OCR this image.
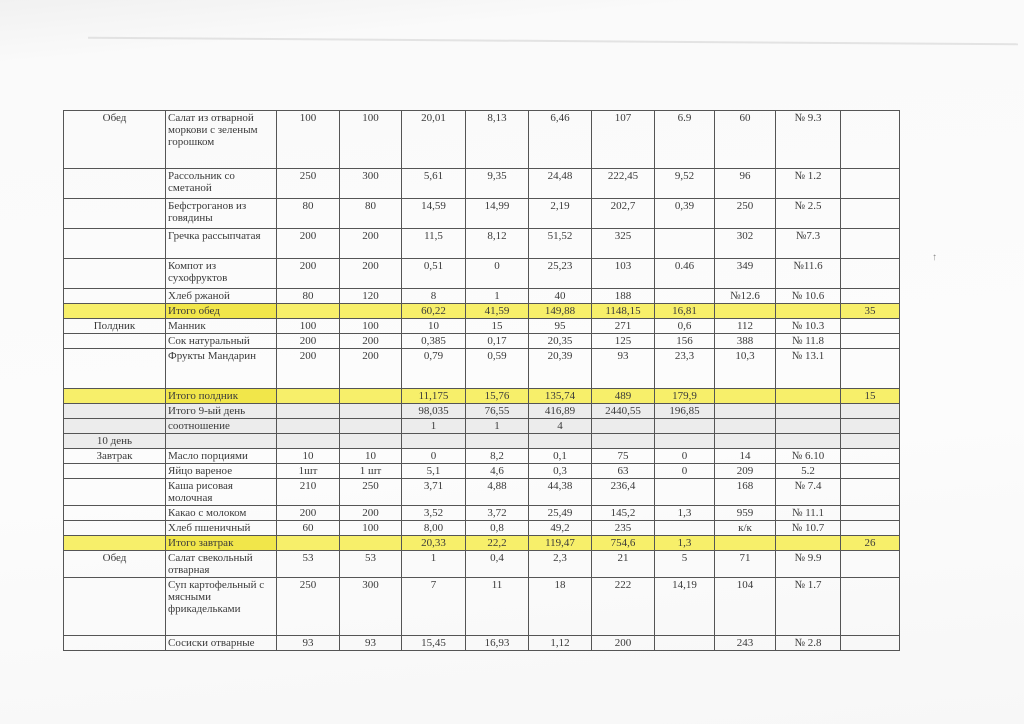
↑
Обед	Салат из отварной моркови с зеленым горошком	100	100	20,01	8,13	6,46	107	6.9	60	№ 9.3	
	Рассольник со сметаной	250	300	5,61	9,35	24,48	222,45	9,52	96	№ 1.2	
	Бефстроганов из говядины	80	80	14,59	14,99	2,19	202,7	0,39	250	№ 2.5	
	Гречка рассыпчатая	200	200	11,5	8,12	51,52	325		302	№7.3	
	Компот из сухофруктов	200	200	0,51	0	25,23	103	0.46	349	№11.6	
	Хлеб ржаной	80	120	8	1	40	188		№12.6	№ 10.6	
	Итого обед			60,22	41,59	149,88	1148,15	16,81			35
Полдник	Манник	100	100	10	15	95	271	0,6	112	№ 10.3	
	Сок натуральный	200	200	0,385	0,17	20,35	125	156	388	№ 11.8	
	Фрукты Мандарин	200	200	0,79	0,59	20,39	93	23,3	10,3	№ 13.1	
	Итого полдник			11,175	15,76	135,74	489	179,9			15
	Итого 9-ый день			98,035	76,55	416,89	2440,55	196,85			
	соотношение			1	1	4					
10 день											
Завтрак	Масло порциями	10	10	0	8,2	0,1	75	0	14	№ 6.10	
	Яйцо вареное	1шт	1 шт	5,1	4,6	0,3	63	0	209	5.2	
	Каша рисовая молочная	210	250	3,71	4,88	44,38	236,4		168	№ 7.4	
	Какао с молоком	200	200	3,52	3,72	25,49	145,2	1,3	959	№ 11.1	
	Хлеб пшеничный	60	100	8,00	0,8	49,2	235		к/к	№ 10.7	
	Итого завтрак			20,33	22,2	119,47	754,6	1,3			26
Обед	Салат свекольный отварная	53	53	1	0,4	2,3	21	5	71	№ 9.9	
	Суп картофельный с мясными фрикадельками	250	300	7	11	18	222	14,19	104	№ 1.7	
	Сосиски отварные	93	93	15,45	16,93	1,12	200		243	№ 2.8	
